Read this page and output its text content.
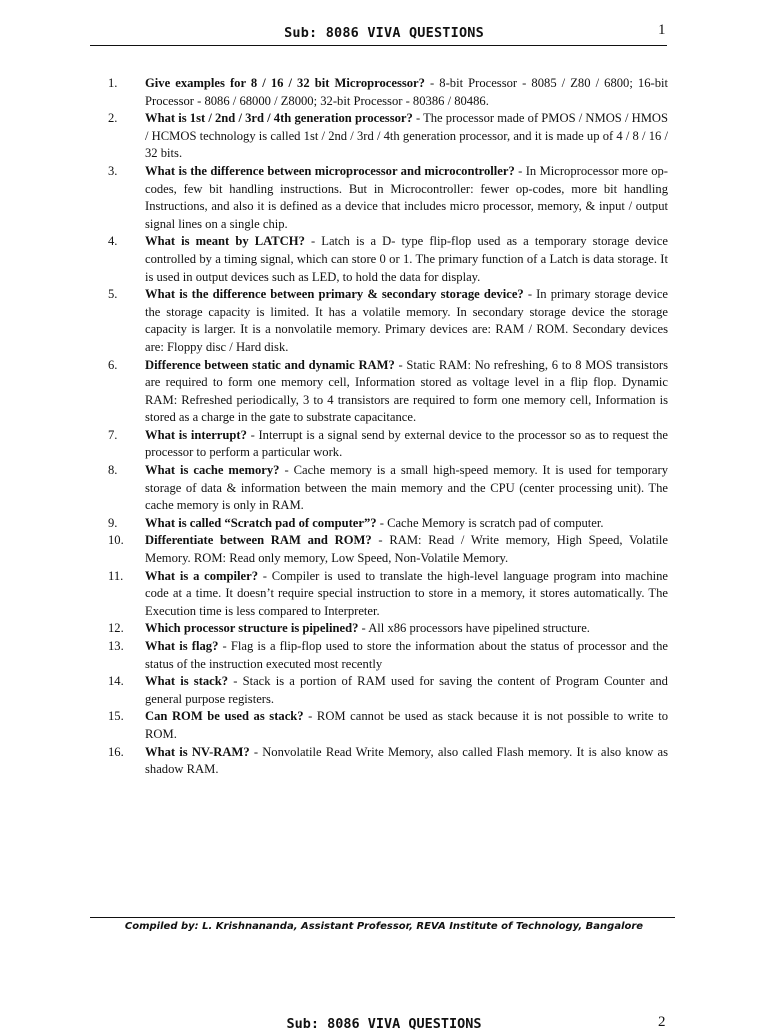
Sub: 8086 VIVA QUESTIONS	1
1.	Give examples for 8 / 16 / 32 bit Microprocessor? - 8-bit Processor - 8085 / Z80 / 6800; 16-bit Processor - 8086 / 68000 / Z8000; 32-bit Processor - 80386 / 80486.
2.	What is 1st / 2nd / 3rd / 4th generation processor? - The processor made of PMOS / NMOS / HMOS / HCMOS technology is called 1st / 2nd / 3rd / 4th generation processor, and it is made up of 4 / 8 / 16 / 32 bits.
3.	What is the difference between microprocessor and microcontroller? - In Microprocessor more op-codes, few bit handling instructions. But in Microcontroller: fewer op-codes, more bit handling Instructions, and also it is defined as a device that includes micro processor, memory, & input / output signal lines on a single chip.
4.	What is meant by LATCH? - Latch is a D- type flip-flop used as a temporary storage device controlled by a timing signal, which can store 0 or 1. The primary function of a Latch is data storage. It is used in output devices such as LED, to hold the data for display.
5.	What is the difference between primary & secondary storage device? - In primary storage device the storage capacity is limited. It has a volatile memory. In secondary storage device the storage capacity is larger. It is a nonvolatile memory. Primary devices are: RAM / ROM. Secondary devices are: Floppy disc / Hard disk.
6.	Difference between static and dynamic RAM? - Static RAM: No refreshing, 6 to 8 MOS transistors are required to form one memory cell, Information stored as voltage level in a flip flop. Dynamic RAM: Refreshed periodically, 3 to 4 transistors are required to form one memory cell, Information is stored as a charge in the gate to substrate capacitance.
7.	What is interrupt? - Interrupt is a signal send by external device to the processor so as to request the processor to perform a particular work.
8.	What is cache memory? - Cache memory is a small high-speed memory. It is used for temporary storage of data & information between the main memory and the CPU (center processing unit). The cache memory is only in RAM.
9.	What is called “Scratch pad of computer”? - Cache Memory is scratch pad of computer.
10.	Differentiate between RAM and ROM? - RAM: Read / Write memory, High Speed, Volatile Memory. ROM: Read only memory, Low Speed, Non-Volatile Memory.
11.	What is a compiler? - Compiler is used to translate the high-level language program into machine code at a time. It doesn’t require special instruction to store in a memory, it stores automatically. The Execution time is less compared to Interpreter.
12.	Which processor structure is pipelined? - All x86 processors have pipelined structure.
13.	What is flag? - Flag is a flip-flop used to store the information about the status of processor and the status of the instruction executed most recently
14.	What is stack? - Stack is a portion of RAM used for saving the content of Program Counter and general purpose registers.
15.	Can ROM be used as stack? - ROM cannot be used as stack because it is not possible to write to ROM.
16.	What is NV-RAM? - Nonvolatile Read Write Memory, also called Flash memory. It is also know as shadow RAM.
Compiled by: L. Krishnananda, Assistant Professor, REVA Institute of Technology, Bangalore
Sub: 8086 VIVA QUESTIONS	2
